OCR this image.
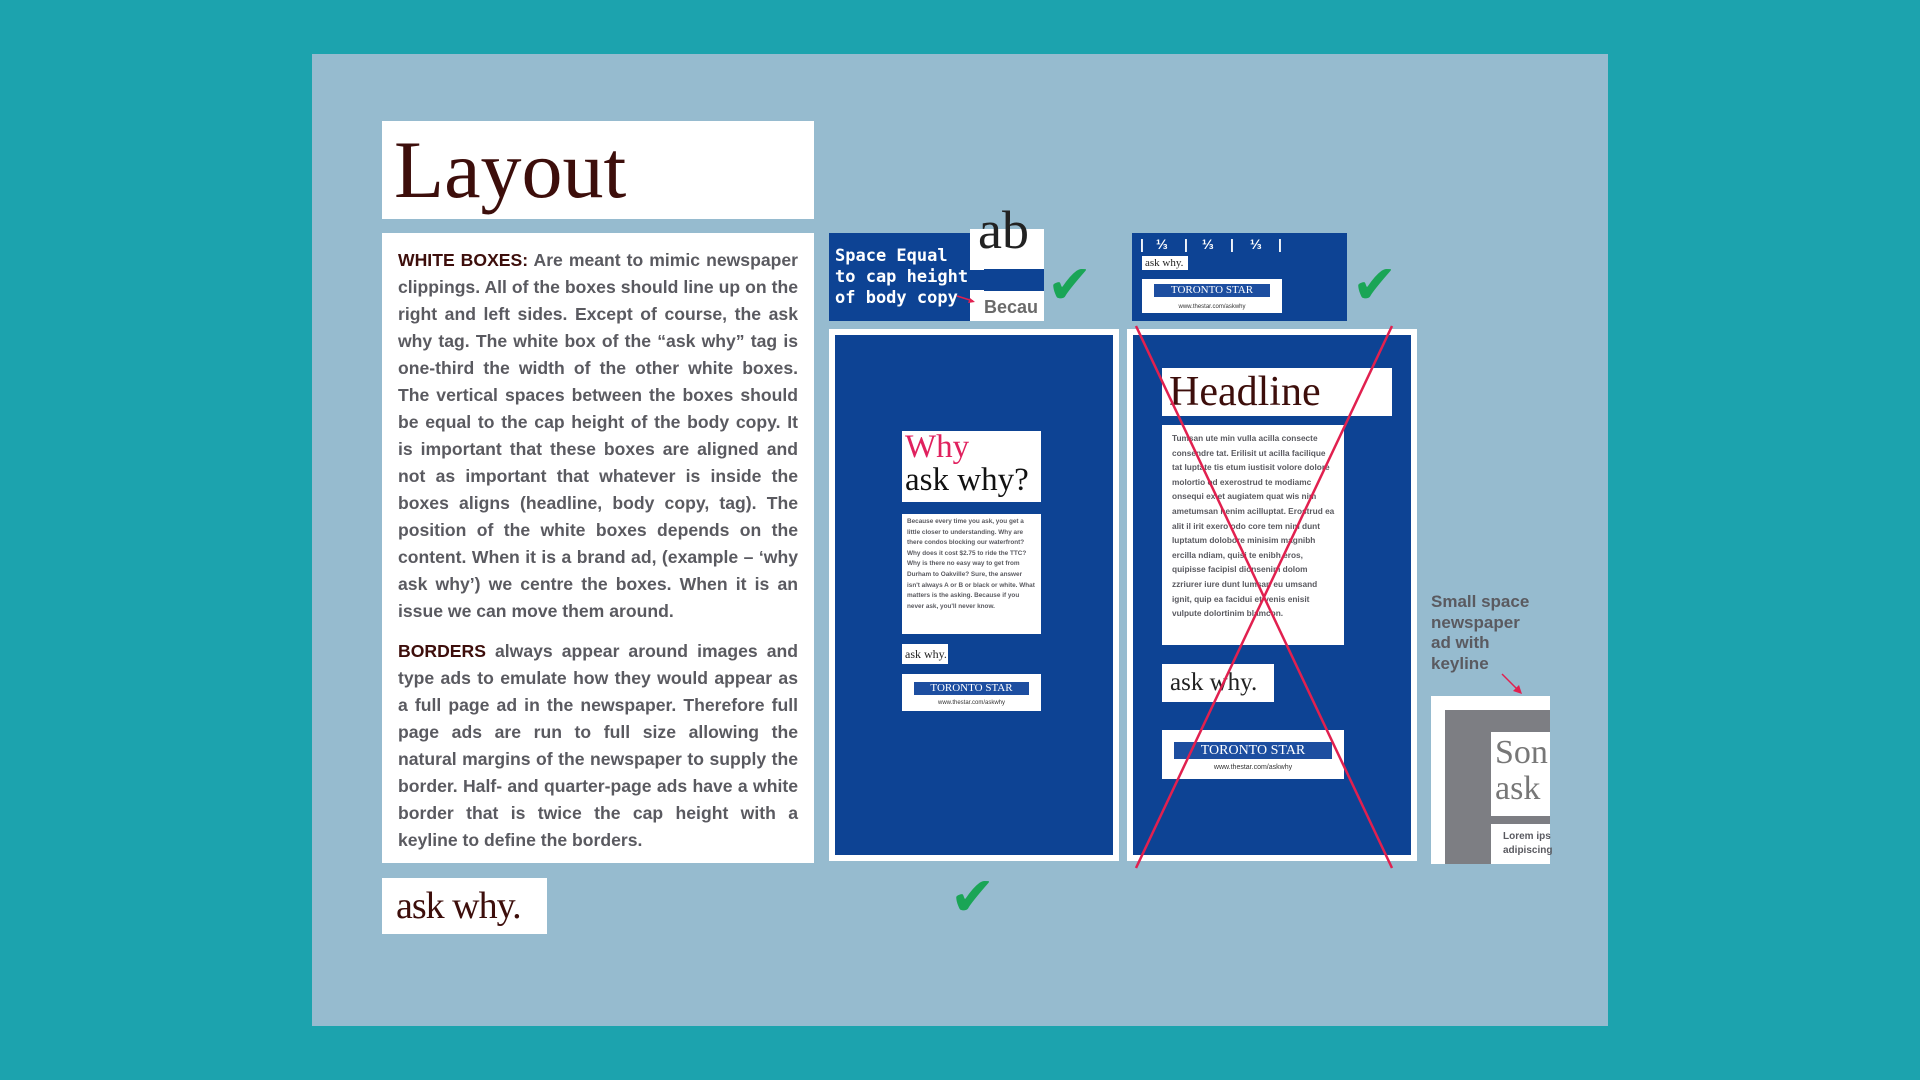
Layout

WHITE BOXES: Are meant to mimic newspaper clippings. All of the boxes should line up on the right and left sides. Except of course, the ask why tag. The white box of the “ask why” tag is one-third the width of the other white boxes. The vertical spaces between the boxes should be equal to the cap height of the body copy. It is important that these boxes are aligned and not as important that whatever is inside the boxes aligns (headline, body copy, tag). The position of the white boxes depends on the content. When it is a brand ad, (example – ‘why ask why’) we centre the boxes. When it is an issue we can move them around.

BORDERS always appear around images and type ads to emulate how they would appear as a full page ad in the newspaper. Therefore full page ads are run to full size allowing the natural margins of the newspaper to supply the border. Half- and quarter-page ads have a white border that is twice the cap height with a keyline to define the borders.

ask why.
Space Equal
to cap height
of body copy
ab
Becau ✔
| ⅓ | ⅓ | ⅓ |
ask why.
TORONTO STAR
www.thestar.com/askwhy	✔
Why
ask why?
Because every time you ask, you get a little closer to understanding. Why are there condos blocking our waterfront? Why does it cost $2.75 to ride the TTC? Why is there no easy way to get from Durham to Oakville? Sure, the answer isn't always A or B or black or white. What matters is the asking. Because if you never ask, you'll never know.
ask why.
TORONTO STAR
www.thestar.com/askwhy
✔
Headline
Tumsan ute min vulla acilla consecte consendre tat. Erilisit ut acilla facilique tat luptate tis etum iustisit volore dolore molortio od exerostrud te modiamc onsequi ex et augiatem quat wis nim ametumsan henim acilluptat. Erostrud ea alit il irit exero odo core tem nim dunt luptatum dolobore minisim magnibh ercilla ndiam, quisi te enibh eros, quipisse facipisl dionsenim dolom zzriurer iure dunt lumsan eu umsand ignit, quip ea facidui et venis enisit vulpute dolortinim blamcon.
ask why.
TORONTO STAR
www.thestar.com/askwhy
Small space
newspaper
ad with
keyline
Son
ask
Lorem ips
adipiscing
